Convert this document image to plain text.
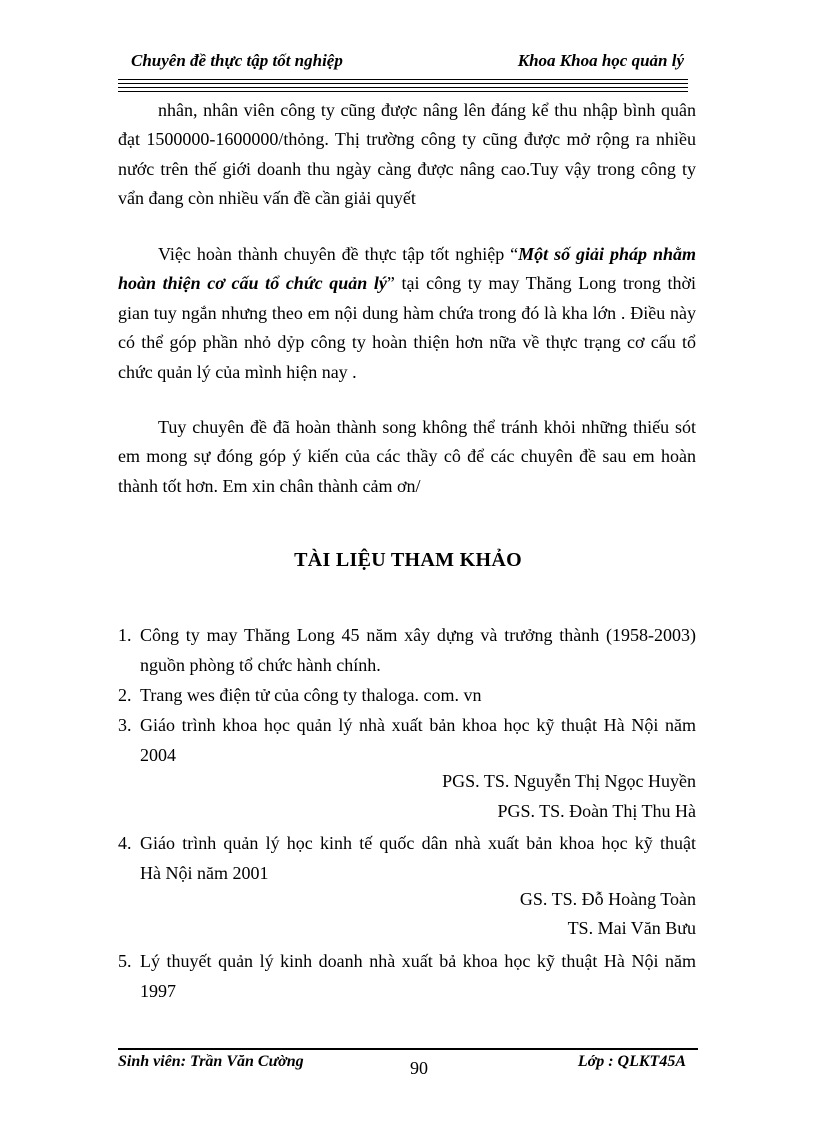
Chuyên đề thực tập tốt nghiệp	Khoa Khoa học quản lý

nhân, nhân viên công ty cũng được nâng lên đáng kể thu nhập bình quân đạt 1500000-1600000/thỏng. Thị trường công ty cũng được mở rộng ra nhiều nước trên thế giới doanh thu ngày càng được nâng cao.Tuy vậy trong công ty vẩn đang còn nhiều vấn đề cần giải quyết

Việc hoàn thành chuyên đề thực tập tốt nghiệp “Một số giải pháp nhằm hoàn thiện cơ cấu tổ chức quản lý” tại công ty may Thăng Long trong thời gian tuy ngắn nhưng theo em nội dung hàm chứa trong đó là kha lớn . Điều này có thể góp phần nhỏ dỷp công ty hoàn thiện hơn nữa về thực trạng cơ cấu tổ chức quản lý của mình hiện nay .

Tuy chuyên đề đã hoàn thành song không thể tránh khỏi những thiếu sót em mong sự đóng góp ý kiến của các thầy cô để các chuyên đề sau em hoàn thành tốt hơn. Em xin chân thành cảm ơn/

TÀI LIỆU THAM KHẢO
1. Công ty may Thăng Long 45 năm xây dựng và trưởng thành (1958-2003)
nguồn phòng tổ chức hành chính.
2. Trang wes điện tử của công ty thaloga. com. vn
3. Giáo trình khoa học quản lý nhà xuất bản khoa học kỹ thuật Hà Nội năm
2004
PGS. TS. Nguyễn Thị Ngọc Huyền
PGS. TS. Đoàn Thị Thu Hà
4. Giáo trình quản lý học kinh tế quốc dân nhà xuất bản khoa học kỹ thuật
Hà Nội năm 2001
GS. TS. Đỗ Hoàng Toàn
TS. Mai Văn Bưu
5. Lý thuyết quản lý kinh doanh nhà xuất bả khoa học kỹ thuật Hà Nội năm
1997
Sinh viên: Trần Văn Cường	90	Lớp : QLKT45A
